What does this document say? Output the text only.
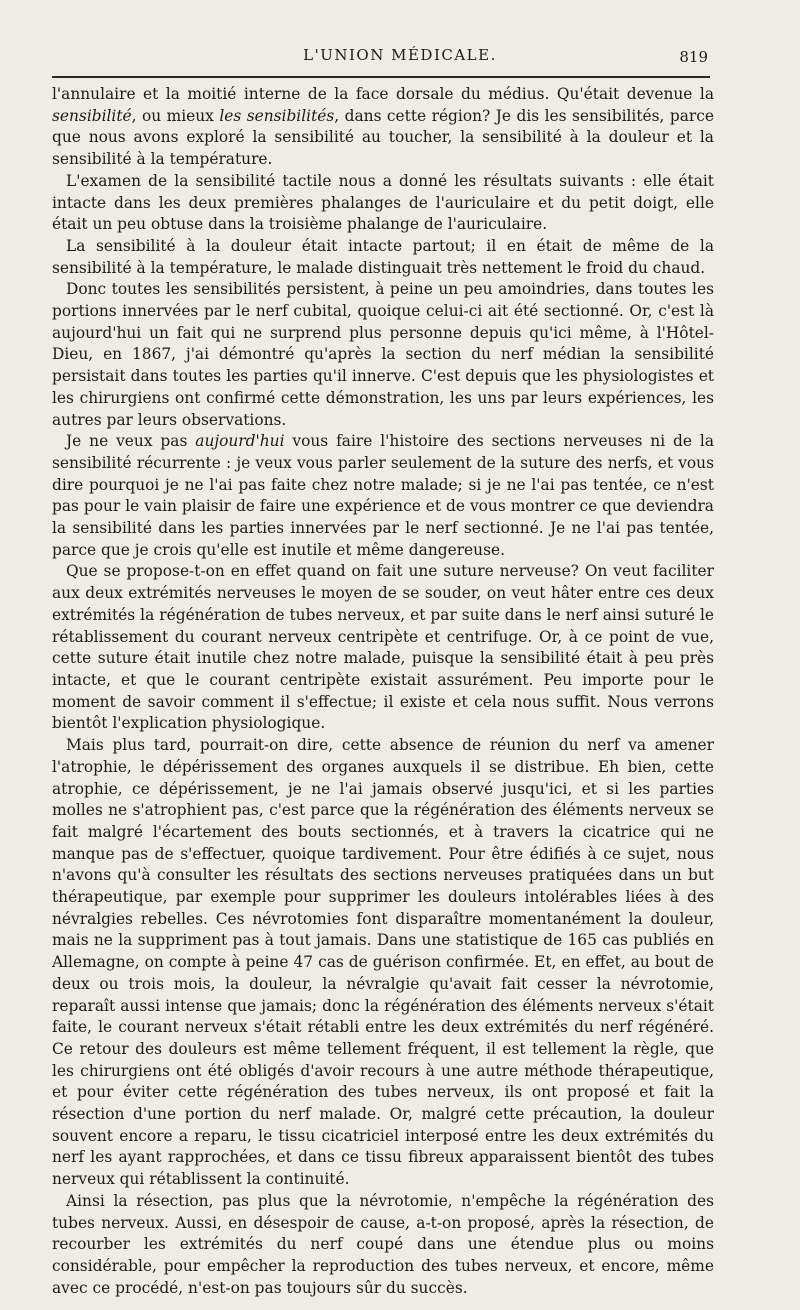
L'UNION MÉDICALE.	819

l'annulaire et la moitié interne de la face dorsale du médius. Qu'était devenue la sensibilité, ou mieux les sensibilités, dans cette région? Je dis les sensibilités, parce que nous avons exploré la sensibilité au toucher, la sensibilité à la douleur et la sensibilité à la température.

L'examen de la sensibilité tactile nous a donné les résultats suivants : elle était intacte dans les deux premières phalanges de l'auriculaire et du petit doigt, elle était un peu obtuse dans la troisième phalange de l'auriculaire.

La sensibilité à la douleur était intacte partout; il en était de même de la sensibilité à la température, le malade distinguait très nettement le froid du chaud.

Donc toutes les sensibilités persistent, à peine un peu amoindries, dans toutes les portions innervées par le nerf cubital, quoique celui-ci ait été sectionné. Or, c'est là aujourd'hui un fait qui ne surprend plus personne depuis qu'ici même, à l'Hôtel-Dieu, en 1867, j'ai démontré qu'après la section du nerf médian la sensibilité persistait dans toutes les parties qu'il innerve. C'est depuis que les physiologistes et les chirurgiens ont confirmé cette démonstration, les uns par leurs expériences, les autres par leurs observations.

Je ne veux pas aujourd'hui vous faire l'histoire des sections nerveuses ni de la sensibilité récurrente : je veux vous parler seulement de la suture des nerfs, et vous dire pourquoi je ne l'ai pas faite chez notre malade; si je ne l'ai pas tentée, ce n'est pas pour le vain plaisir de faire une expérience et de vous montrer ce que deviendra la sensibilité dans les parties innervées par le nerf sectionné. Je ne l'ai pas tentée, parce que je crois qu'elle est inutile et même dangereuse.

Que se propose-t-on en effet quand on fait une suture nerveuse? On veut faciliter aux deux extrémités nerveuses le moyen de se souder, on veut hâter entre ces deux extrémités la régénération de tubes nerveux, et par suite dans le nerf ainsi suturé le rétablissement du courant nerveux centripète et centrifuge. Or, à ce point de vue, cette suture était inutile chez notre malade, puisque la sensibilité était à peu près intacte, et que le courant centripète existait assurément. Peu importe pour le moment de savoir comment il s'effectue; il existe et cela nous suffit. Nous verrons bientôt l'explication physiologique.

Mais plus tard, pourrait-on dire, cette absence de réunion du nerf va amener l'atrophie, le dépérissement des organes auxquels il se distribue. Eh bien, cette atrophie, ce dépérissement, je ne l'ai jamais observé jusqu'ici, et si les parties molles ne s'atrophient pas, c'est parce que la régénération des éléments nerveux se fait malgré l'écartement des bouts sectionnés, et à travers la cicatrice qui ne manque pas de s'effectuer, quoique tardivement. Pour être édifiés à ce sujet, nous n'avons qu'à consulter les résultats des sections nerveuses pratiquées dans un but thérapeutique, par exemple pour supprimer les douleurs intolérables liées à des névralgies rebelles. Ces névrotomies font disparaître momentanément la douleur, mais ne la suppriment pas à tout jamais. Dans une statistique de 165 cas publiés en Allemagne, on compte à peine 47 cas de guérison confirmée. Et, en effet, au bout de deux ou trois mois, la douleur, la névralgie qu'avait fait cesser la névrotomie, reparaît aussi intense que jamais; donc la régénération des éléments nerveux s'était faite, le courant nerveux s'était rétabli entre les deux extrémités du nerf régénéré. Ce retour des douleurs est même tellement fréquent, il est tellement la règle, que les chirurgiens ont été obligés d'avoir recours à une autre méthode thérapeutique, et pour éviter cette régénération des tubes nerveux, ils ont proposé et fait la résection d'une portion du nerf malade. Or, malgré cette précaution, la douleur souvent encore a reparu, le tissu cicatriciel interposé entre les deux extrémités du nerf les ayant rapprochées, et dans ce tissu fibreux apparaissent bientôt des tubes nerveux qui rétablissent la continuité.

Ainsi la résection, pas plus que la névrotomie, n'empêche la régénération des tubes nerveux. Aussi, en désespoir de cause, a-t-on proposé, après la résection, de recourber les extrémités du nerf coupé dans une étendue plus ou moins considérable, pour empêcher la reproduction des tubes nerveux, et encore, même avec ce procédé, n'est-on pas toujours sûr du succès.
